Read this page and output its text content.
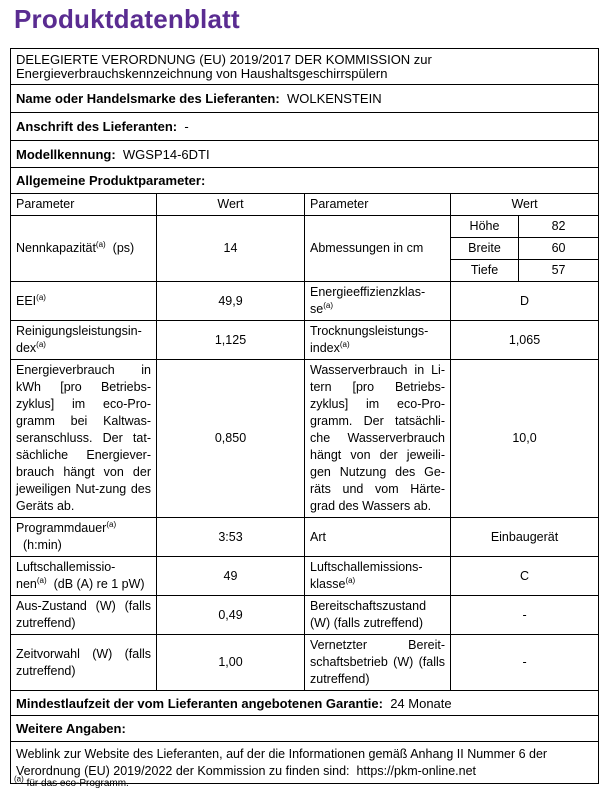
Produktdatenblatt
DELEGIERTE VERORDNUNG (EU) 2019/2017 DER KOMMISSION zur Energieverbrauchskennzeichnung von Haushaltsgeschirrspülern				
Name oder Handelsmarke des Lieferanten: WOLKENSTEIN				
Anschrift des Lieferanten: -				
Modellkennung: WGSP14-6DTI				
Allgemeine Produktparameter:				
Parameter	Wert	Parameter	Wert	
Nennkapazität$^{(a)}$ (ps)	14	Abmessungen in cm	Höhe	82
			Breite	60
			Tiefe	57
EEI$^{(a)}$	49,9	Energieeffizienzklas-$se^{(a)}$	D	
Reinigungsleistungsin-dex$^{(a)}$	1,125	Trocknungsleistungs-index$^{(a)}$	1,065	
Energieverbrauch in kWh [pro Betriebs-zyklus] im eco-Pro-gramm bei Kaltwas-seranschluss. Der tat-sächliche Energiever-brauch hängt von der jeweiligen Nut-zung des Geräts ab.	0,850	Wasserverbrauch in Li-tern [pro Betriebs-zyklus] im eco-Pro-gramm. Der tatsächli-che Wasserverbrauch hängt von der jeweili-gen Nutzung des Ge-räts und vom Härte-grad des Wassers ab.	10,0	
Programmdauer$^{(a)}$
(h:min)	3:53	Art	Einbaugerät	
Luftschallemissio-nen$^{(a)}$ (dB (A) re 1 pW)	49	Luftschallemissions-klasse$^{(a)}$	C	
Aus-Zustand (W) (falls zutreffend)	0,49	Bereitschaftszustand (W) (falls zutreffend)	-	
Zeitvorwahl (W) (falls zutreffend)	1,00	Vernetzter Bereit-schaftsbetrieb (W) (falls zutreffend)	-	
Mindestlaufzeit der vom Lieferanten angebotenen Garantie: 24 Monate				
Weitere Angaben:				
Weblink zur Website des Lieferanten, auf der die Informationen gemäß Anhang II Nummer 6 der Verordnung (EU) 2019/2022 der Kommission zu finden sind: https://pkm-online.net				
$^{(a)}$ für das eco-Programm.
